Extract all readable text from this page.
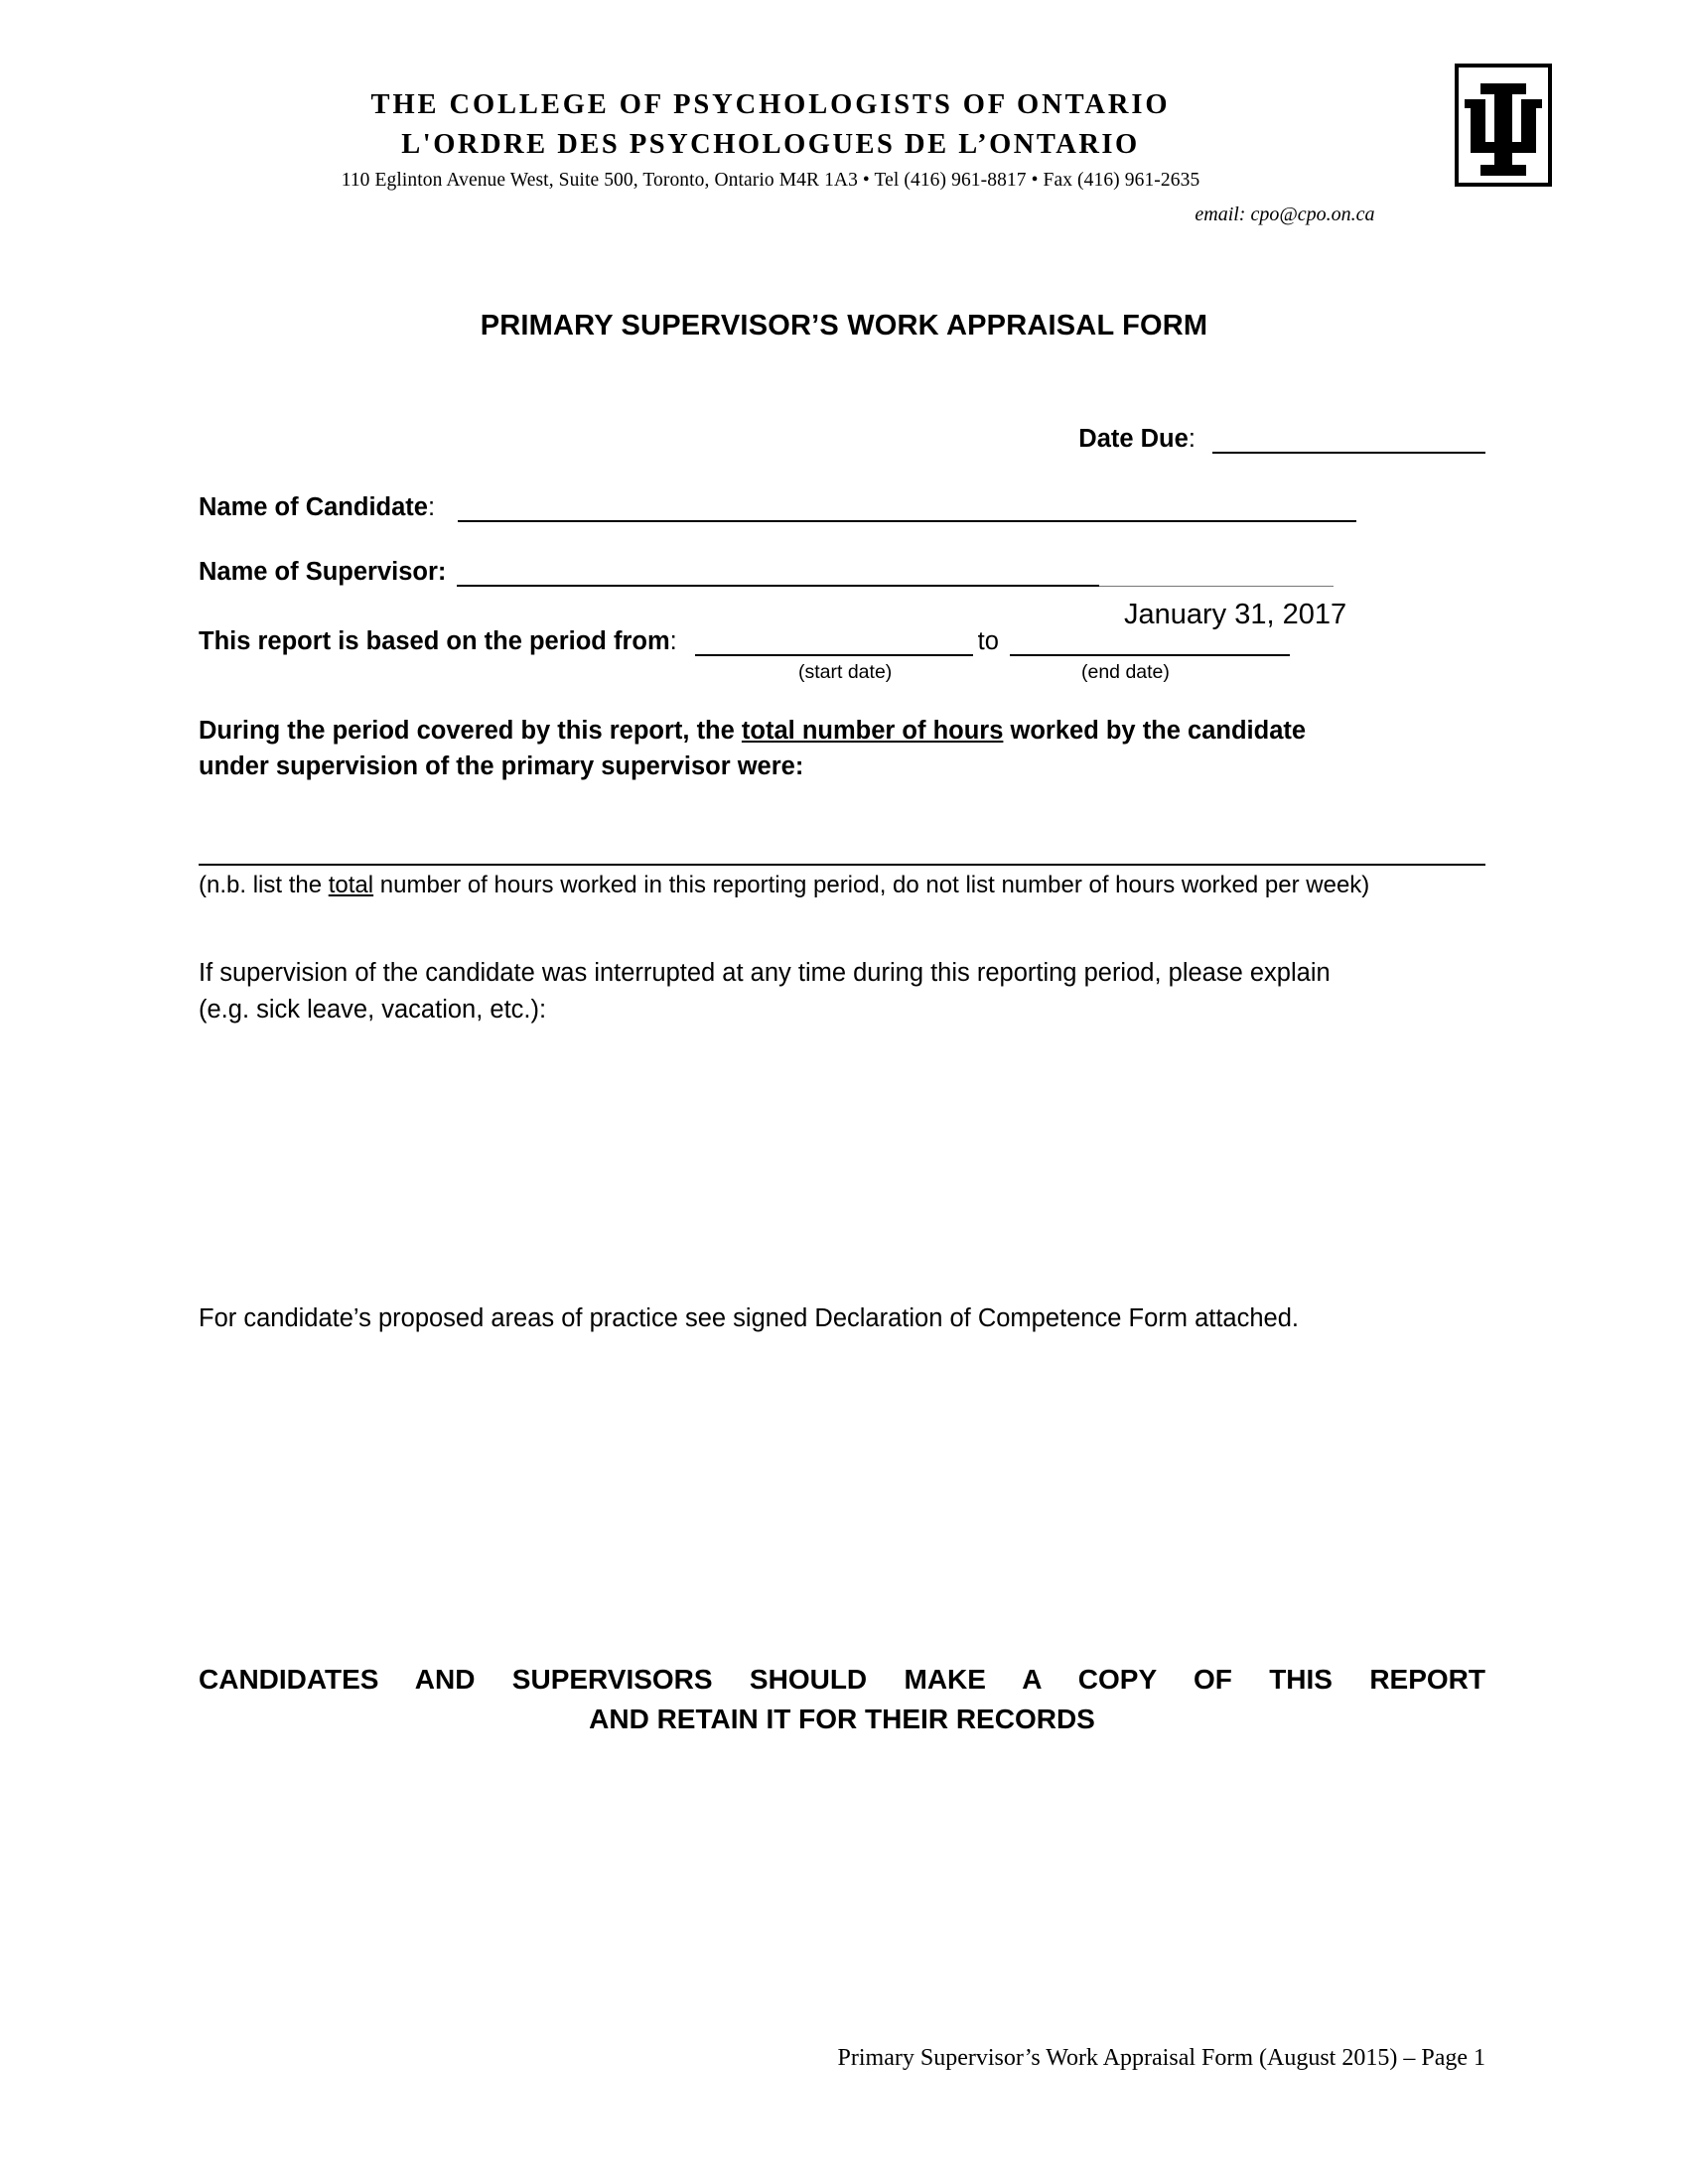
THE COLLEGE OF PSYCHOLOGISTS OF ONTARIO
L'ORDRE DES PSYCHOLOGUES DE L’ONTARIO
110 Eglinton Avenue West, Suite 500, Toronto, Ontario M4R 1A3 • Tel (416) 961-8817 • Fax (416) 961-2635
email: cpo@cpo.on.ca
PRIMARY SUPERVISOR’S WORK APPRAISAL FORM
Date Due:
Name of Candidate:
Name of Supervisor:
This report is based on the period from:	to
January 31, 2017
(start date)	(end date)
During the period covered by this report, the total number of hours worked by the candidate under supervision of the primary supervisor were:
(n.b. list the total number of hours worked in this reporting period, do not list number of hours worked per week)
If supervision of the candidate was interrupted at any time during this reporting period, please explain (e.g. sick leave, vacation, etc.):
For candidate’s proposed areas of practice see signed Declaration of Competence Form attached.
CANDIDATES AND SUPERVISORS SHOULD MAKE A COPY OF THIS REPORT
AND RETAIN IT FOR THEIR RECORDS
Primary Supervisor’s Work Appraisal Form (August 2015) – Page 1
